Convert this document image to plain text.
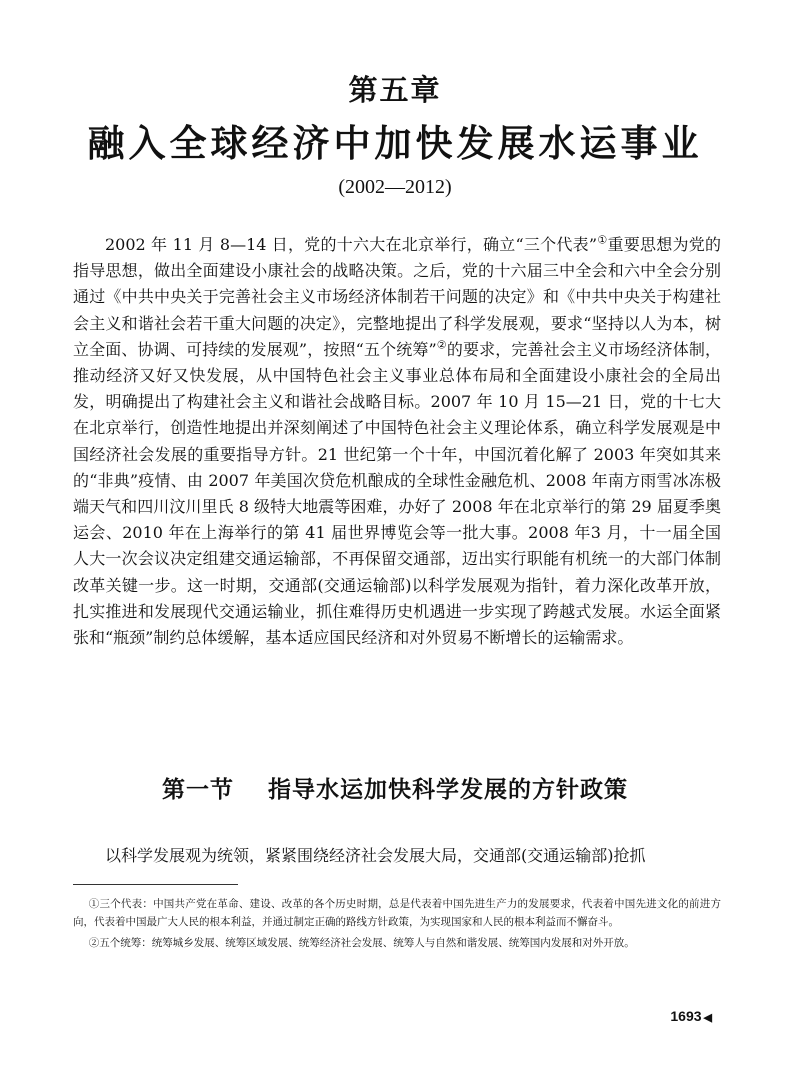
第五章
融入全球经济中加快发展水运事业
(2002—2012)

2002 年 11 月 8—14 日，党的十六大在北京举行，确立“三个代表”①重要思想为党的指导思想，做出全面建设小康社会的战略决策。之后，党的十六届三中全会和六中全会分别通过《中共中央关于完善社会主义市场经济体制若干问题的决定》和《中共中央关于构建社会主义和谐社会若干重大问题的决定》，完整地提出了科学发展观，要求“坚持以人为本，树立全面、协调、可持续的发展观”，按照“五个统筹”②的要求，完善社会主义市场经济体制，推动经济又好又快发展，从中国特色社会主义事业总体布局和全面建设小康社会的全局出发，明确提出了构建社会主义和谐社会战略目标。2007 年 10 月 15—21 日，党的十七大在北京举行，创造性地提出并深刻阐述了中国特色社会主义理论体系，确立科学发展观是中国经济社会发展的重要指导方针。21 世纪第一个十年，中国沉着化解了 2003 年突如其来的“非典”疫情、由 2007 年美国次贷危机酿成的全球性金融危机、2008 年南方雨雪冰冻极端天气和四川汶川里氏 8 级特大地震等困难，办好了 2008 年在北京举行的第 29 届夏季奥运会、2010 年在上海举行的第 41 届世界博览会等一批大事。2008 年3 月，十一届全国人大一次会议决定组建交通运输部，不再保留交通部，迈出实行职能有机统一的大部门体制改革关键一步。这一时期，交通部(交通运输部)以科学发展观为指针，着力深化改革开放，扎实推进和发展现代交通运输业，抓住难得历史机遇进一步实现了跨越式发展。水运全面紧张和“瓶颈”制约总体缓解，基本适应国民经济和对外贸易不断增长的运输需求。

第一节 指导水运加快科学发展的方针政策

以科学发展观为统领，紧紧围绕经济社会发展大局，交通部(交通运输部)抢抓

①三个代表：中国共产党在革命、建设、改革的各个历史时期，总是代表着中国先进生产力的发展要求，代表着中国先进文化的前进方向，代表着中国最广大人民的根本利益，并通过制定正确的路线方针政策，为实现国家和人民的根本利益而不懈奋斗。

②五个统筹：统筹城乡发展、统筹区域发展、统筹经济社会发展、统筹人与自然和谐发展、统筹国内发展和对外开放。

1693 ◀
